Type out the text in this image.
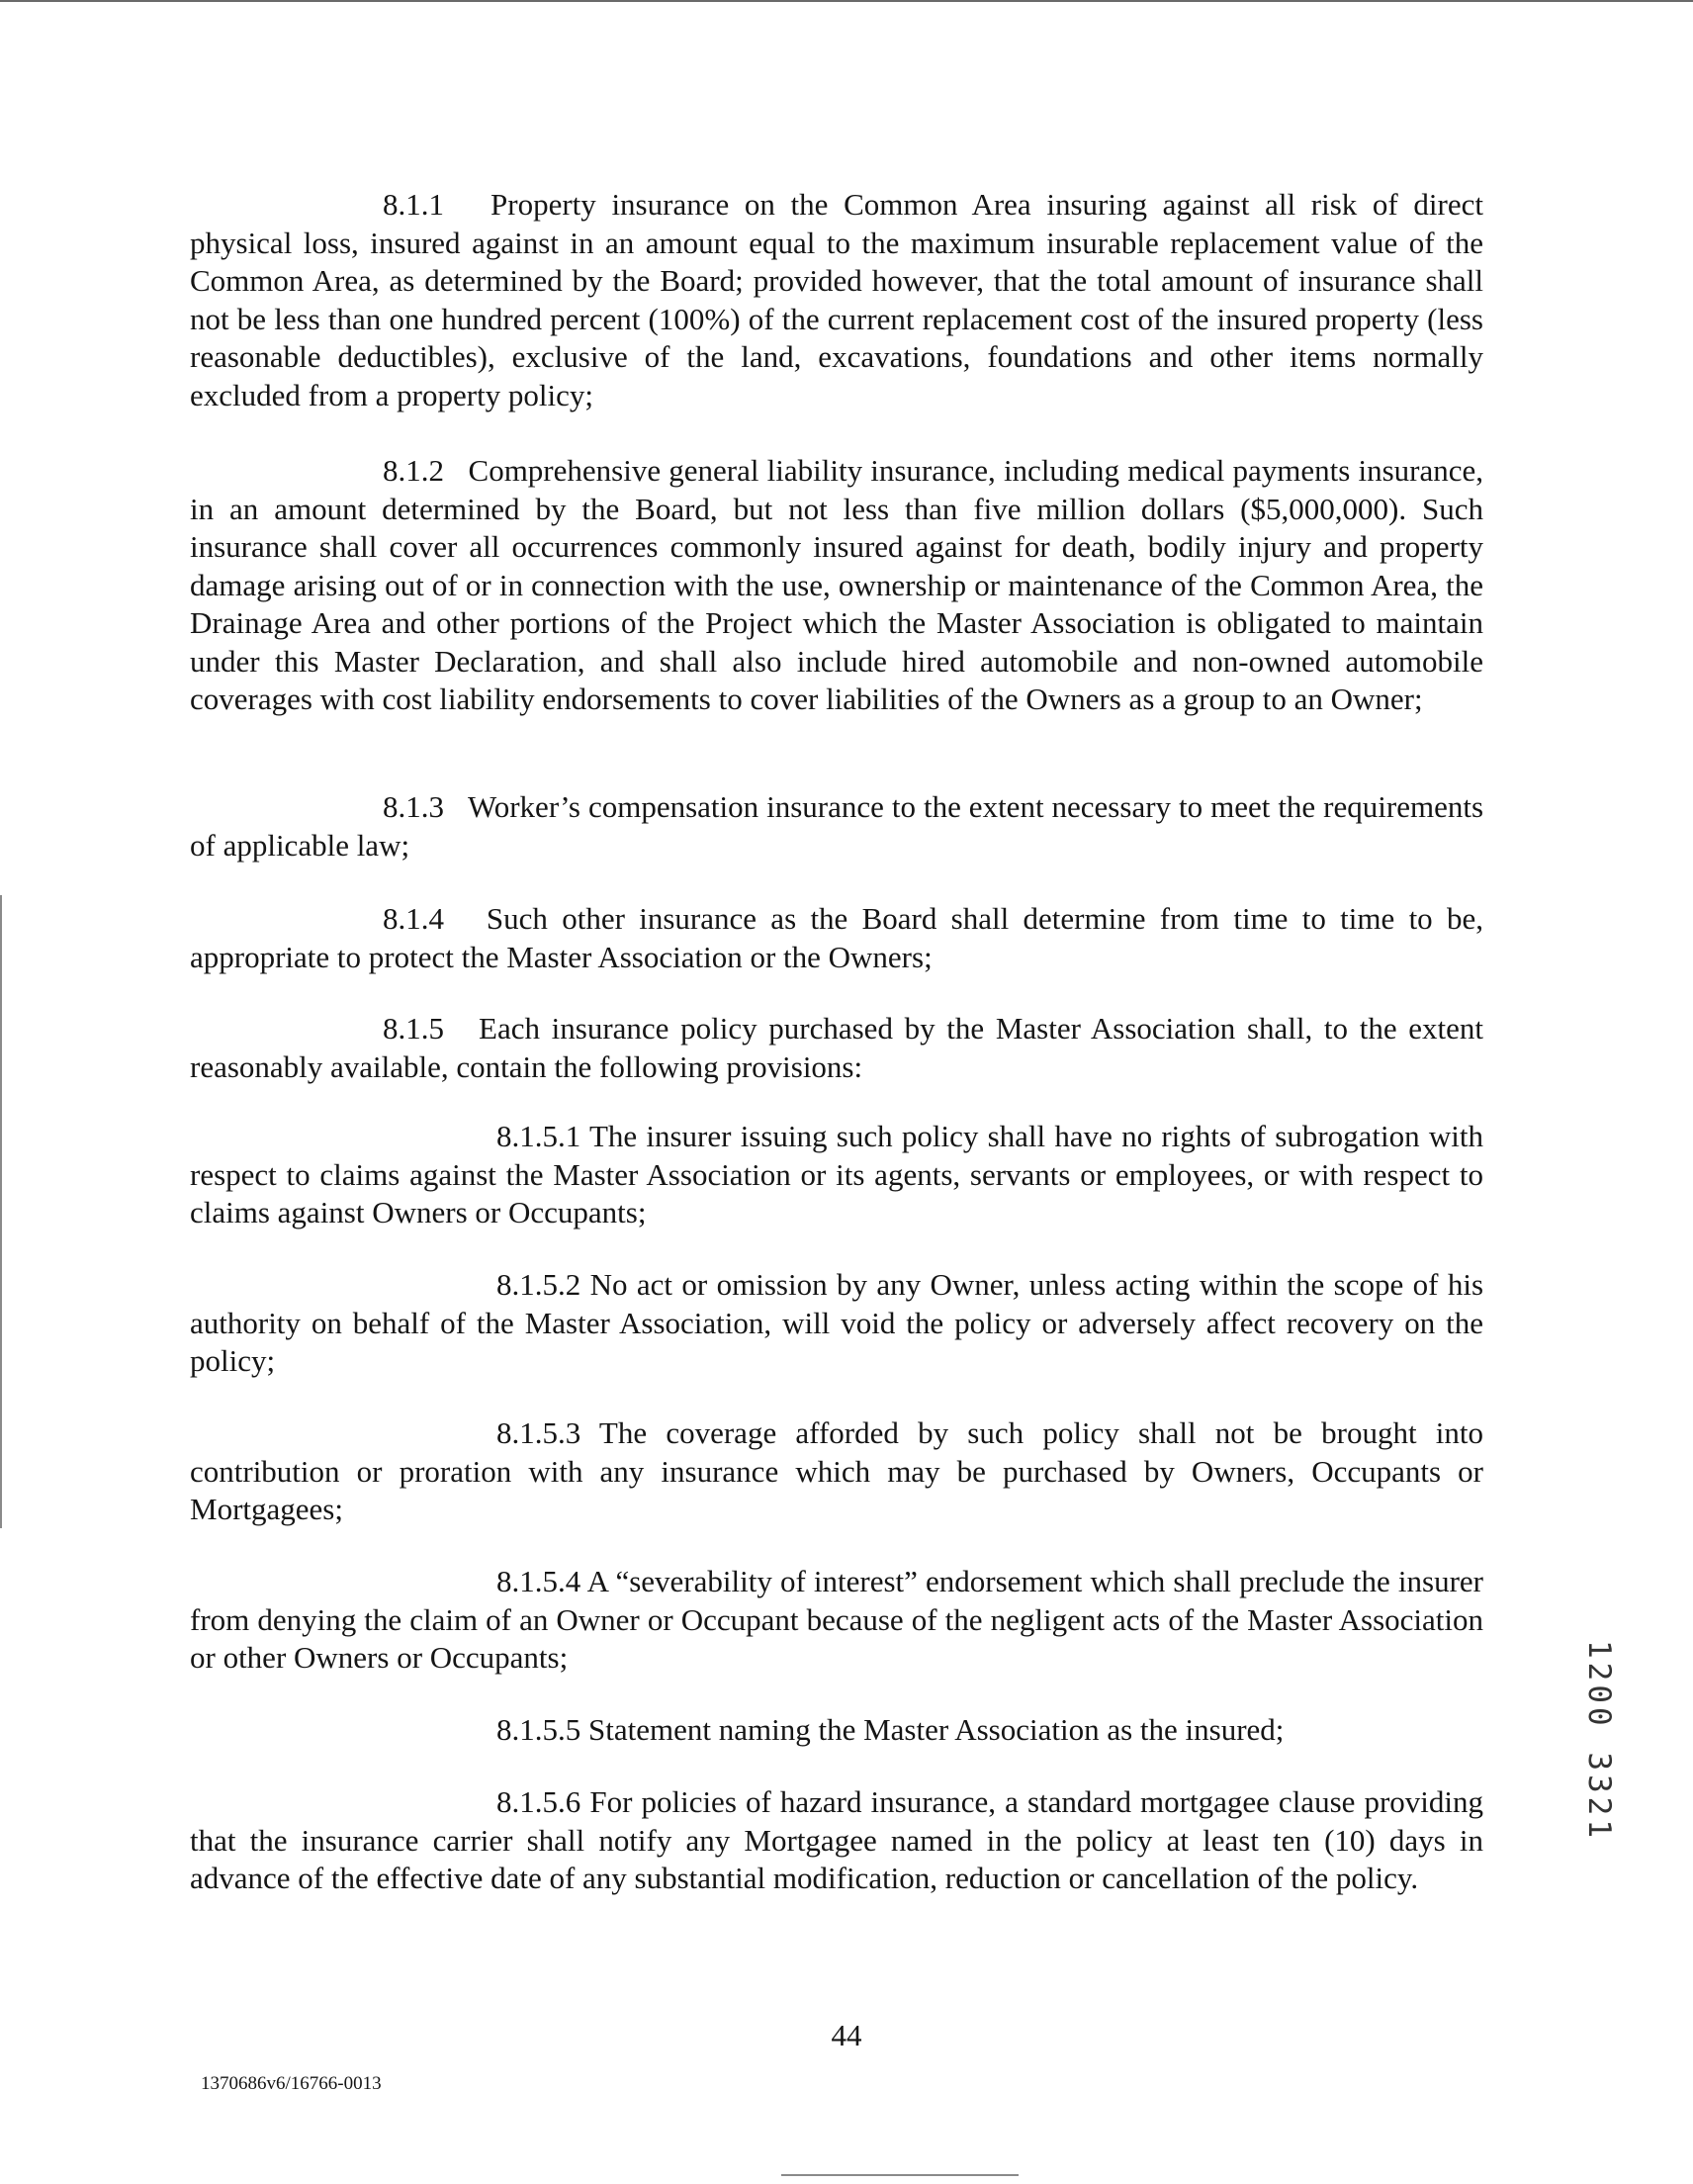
8.1.1 Property insurance on the Common Area insuring against all risk of direct physical loss, insured against in an amount equal to the maximum insurable replacement value of the Common Area, as determined by the Board; provided however, that the total amount of insurance shall not be less than one hundred percent (100%) of the current replacement cost of the insured property (less reasonable deductibles), exclusive of the land, excavations, foundations and other items normally excluded from a property policy;

8.1.2 Comprehensive general liability insurance, including medical payments insurance, in an amount determined by the Board, but not less than five million dollars ($5,000,000). Such insurance shall cover all occurrences commonly insured against for death, bodily injury and property damage arising out of or in connection with the use, ownership or maintenance of the Common Area, the Drainage Area and other portions of the Project which the Master Association is obligated to maintain under this Master Declaration, and shall also include hired automobile and non-owned automobile coverages with cost liability endorsements to cover liabilities of the Owners as a group to an Owner;

8.1.3 Worker’s compensation insurance to the extent necessary to meet the requirements of applicable law;

8.1.4 Such other insurance as the Board shall determine from time to time to be, appropriate to protect the Master Association or the Owners;

8.1.5 Each insurance policy purchased by the Master Association shall, to the extent reasonably available, contain the following provisions:

8.1.5.1 The insurer issuing such policy shall have no rights of subrogation with respect to claims against the Master Association or its agents, servants or employees, or with respect to claims against Owners or Occupants;

8.1.5.2 No act or omission by any Owner, unless acting within the scope of his authority on behalf of the Master Association, will void the policy or adversely affect recovery on the policy;

8.1.5.3 The coverage afforded by such policy shall not be brought into contribution or proration with any insurance which may be purchased by Owners, Occupants or Mortgagees;

8.1.5.4 A “severability of interest” endorsement which shall preclude the insurer from denying the claim of an Owner or Occupant because of the negligent acts of the Master Association or other Owners or Occupants;

8.1.5.5 Statement naming the Master Association as the insured;

8.1.5.6 For policies of hazard insurance, a standard mortgagee clause providing that the insurance carrier shall notify any Mortgagee named in the policy at least ten (10) days in advance of the effective date of any substantial modification, reduction or cancellation of the policy.

44

1370686v6/16766-0013

1200 3321
